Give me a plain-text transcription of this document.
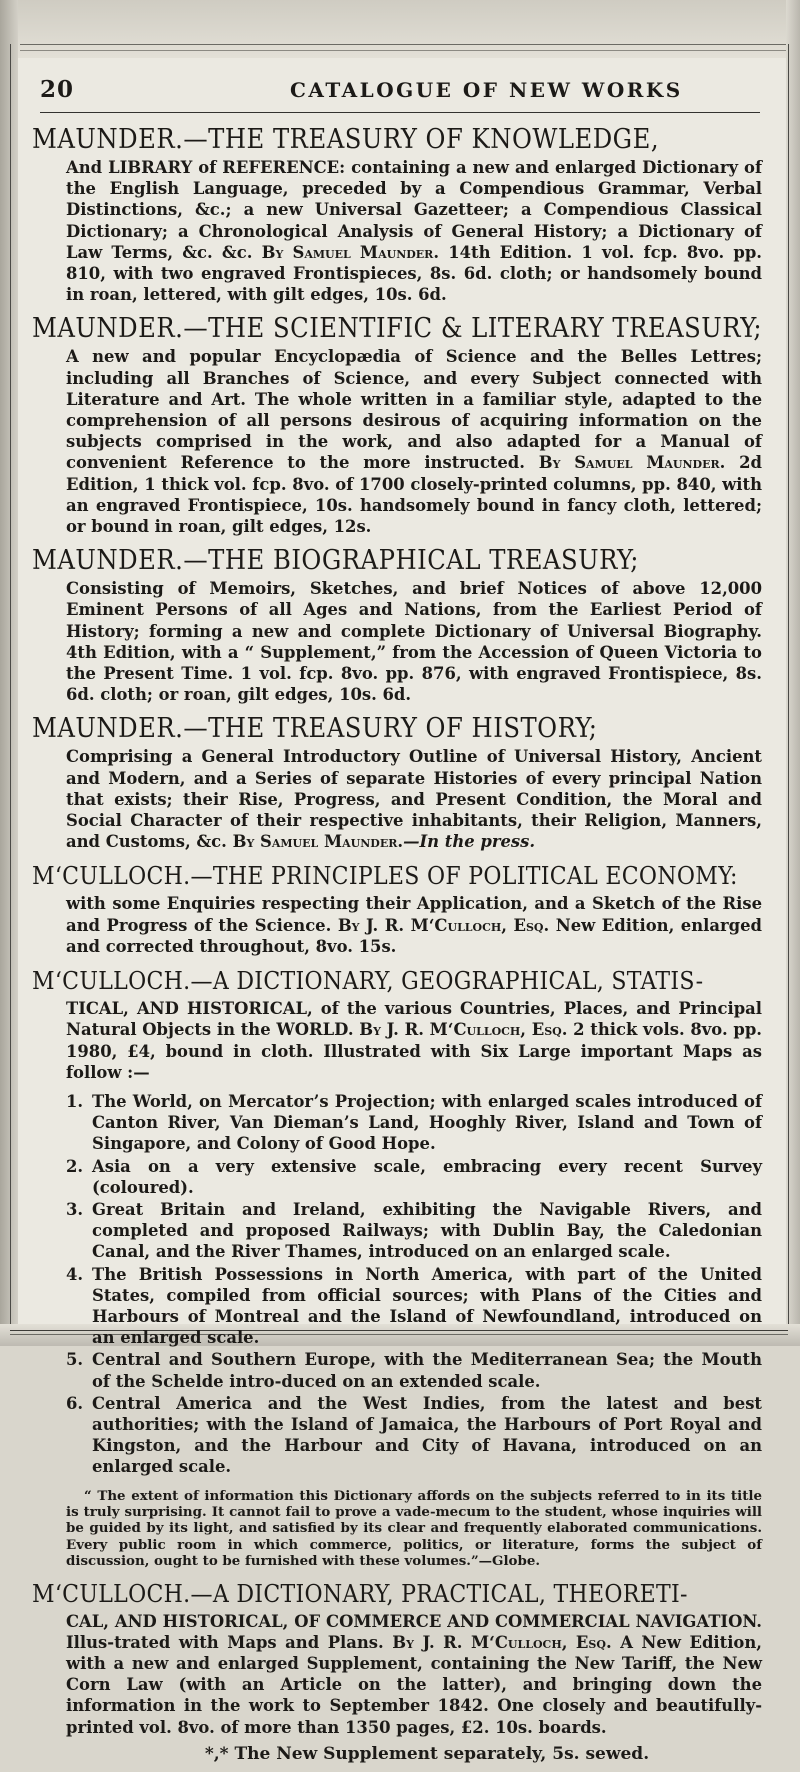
20	CATALOGUE OF NEW WORKS
MAUNDER.—THE TREASURY OF KNOWLEDGE,

And LIBRARY of REFERENCE: containing a new and enlarged Dictionary of the English Language, preceded by a Compendious Grammar, Verbal Distinctions, &c.; a new Universal Gazetteer; a Compendious Classical Dictionary; a Chronological Analysis of General History; a Dictionary of Law Terms, &c. &c. By Samuel Maunder. 14th Edition. 1 vol. fcp. 8vo. pp. 810, with two engraved Frontispieces, 8s. 6d. cloth; or handsomely bound in roan, lettered, with gilt edges, 10s. 6d.

MAUNDER.—THE SCIENTIFIC & LITERARY TREASURY;

A new and popular Encyclopædia of Science and the Belles Lettres; including all Branches of Science, and every Subject connected with Literature and Art. The whole written in a familiar style, adapted to the comprehension of all persons desirous of acquiring information on the subjects comprised in the work, and also adapted for a Manual of convenient Reference to the more instructed. By Samuel Maunder. 2d Edition, 1 thick vol. fcp. 8vo. of 1700 closely-printed columns, pp. 840, with an engraved Frontispiece, 10s. handsomely bound in fancy cloth, lettered; or bound in roan, gilt edges, 12s.

MAUNDER.—THE BIOGRAPHICAL TREASURY;

Consisting of Memoirs, Sketches, and brief Notices of above 12,000 Eminent Persons of all Ages and Nations, from the Earliest Period of History; forming a new and complete Dictionary of Universal Biography. 4th Edition, with a “ Supplement,” from the Accession of Queen Victoria to the Present Time. 1 vol. fcp. 8vo. pp. 876, with engraved Frontispiece, 8s. 6d. cloth; or roan, gilt edges, 10s. 6d.

MAUNDER.—THE TREASURY OF HISTORY;

Comprising a General Introductory Outline of Universal History, Ancient and Modern, and a Series of separate Histories of every principal Nation that exists; their Rise, Progress, and Present Condition, the Moral and Social Character of their respective inhabitants, their Religion, Manners, and Customs, &c. By Samuel Maunder.—In the press.

M‘CULLOCH.—THE PRINCIPLES OF POLITICAL ECONOMY:

with some Enquiries respecting their Application, and a Sketch of the Rise and Progress of the Science. By J. R. M‘Culloch, Esq. New Edition, enlarged and corrected throughout, 8vo. 15s.

M‘CULLOCH.—A DICTIONARY, GEOGRAPHICAL, STATIS-

TICAL, AND HISTORICAL, of the various Countries, Places, and Principal Natural Objects in the WORLD. By J. R. M‘Culloch, Esq. 2 thick vols. 8vo. pp. 1980, £4, bound in cloth. Illustrated with Six Large important Maps as follow :—

1. The World, on Mercator’s Projection; with enlarged scales introduced of Canton River, Van Dieman’s Land, Hooghly River, Island and Town of Singapore, and Colony of Good Hope.
2. Asia on a very extensive scale, embracing every recent Survey (coloured).
3. Great Britain and Ireland, exhibiting the Navigable Rivers, and completed and proposed Railways; with Dublin Bay, the Caledonian Canal, and the River Thames, introduced on an enlarged scale.
4. The British Possessions in North America, with part of the United States, compiled from official sources; with Plans of the Cities and Harbours of Montreal and the Island of Newfoundland, introduced on an enlarged scale.
5. Central and Southern Europe, with the Mediterranean Sea; the Mouth of the Schelde intro-duced on an extended scale.
6. Central America and the West Indies, from the latest and best authorities; with the Island of Jamaica, the Harbours of Port Royal and Kingston, and the Harbour and City of Havana, introduced on an enlarged scale.

“ The extent of information this Dictionary affords on the subjects referred to in its title is truly surprising. It cannot fail to prove a vade-mecum to the student, whose inquiries will be guided by its light, and satisfied by its clear and frequently elaborated communications. Every public room in which commerce, politics, or literature, forms the subject of discussion, ought to be furnished with these volumes.”—Globe.

M‘CULLOCH.—A DICTIONARY, PRACTICAL, THEORETI-

CAL, AND HISTORICAL, OF COMMERCE AND COMMERCIAL NAVIGATION. Illus-trated with Maps and Plans. By J. R. M‘Culloch, Esq. A New Edition, with a new and enlarged Supplement, containing the New Tariff, the New Corn Law (with an Article on the latter), and bringing down the information in the work to September 1842. One closely and beautifully-printed vol. 8vo. of more than 1350 pages, £2. 10s. boards.

*,* The New Supplement separately, 5s. sewed.
